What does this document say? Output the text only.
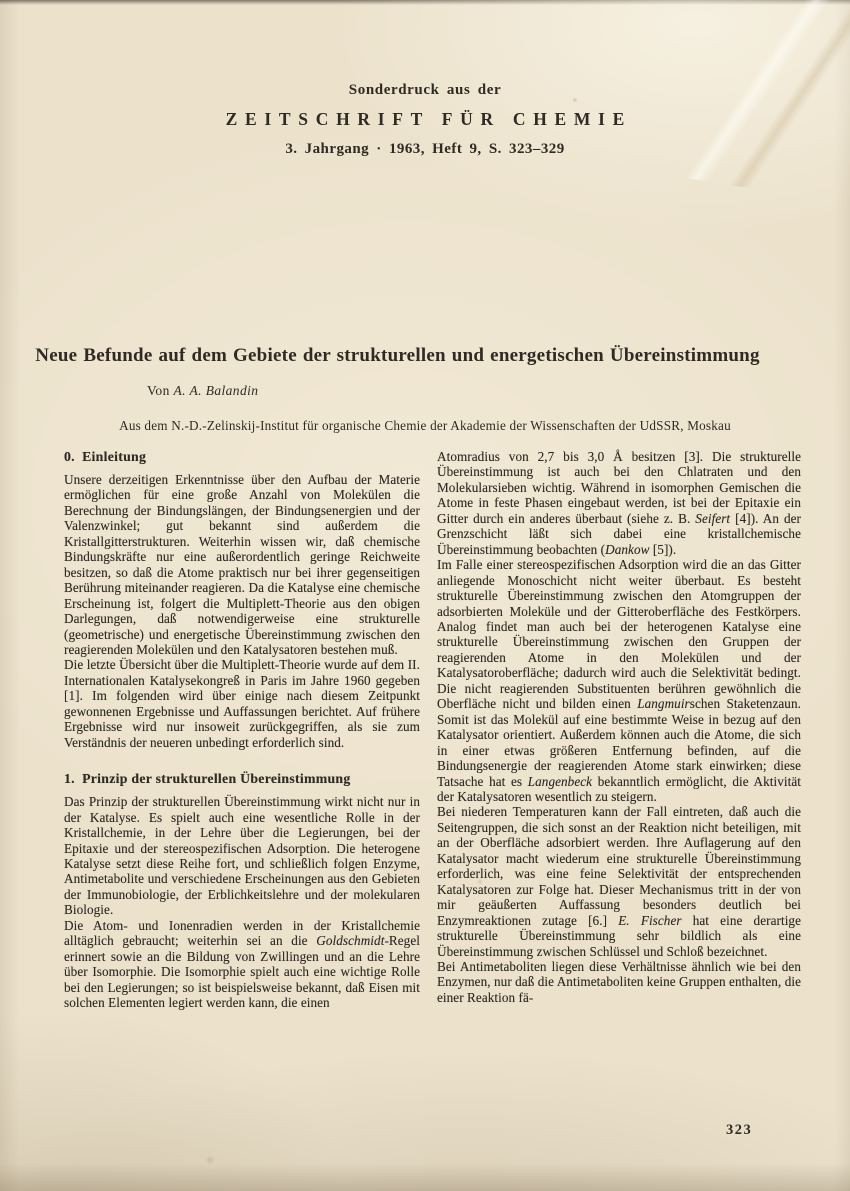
Sonderdruck aus der
ZEITSCHRIFT FÜR CHEMIE
3. Jahrgang · 1963, Heft 9, S. 323–329
Neue Befunde auf dem Gebiete der strukturellen und energetischen Übereinstimmung
Von A. A. Balandin
Aus dem N.-D.-Zelinskij-Institut für organische Chemie der Akademie der Wissenschaften der UdSSR, Moskau
0. Einleitung

Unsere derzeitigen Erkenntnisse über den Aufbau der Materie ermöglichen für eine große Anzahl von Molekülen die Berechnung der Bindungslängen, der Bindungsenergien und der Valenzwinkel; gut bekannt sind außerdem die Kristallgitterstrukturen. Weiterhin wissen wir, daß chemische Bindungskräfte nur eine außerordentlich geringe Reichweite besitzen, so daß die Atome praktisch nur bei ihrer gegenseitigen Berührung miteinander reagieren. Da die Katalyse eine chemische Erscheinung ist, folgert die Multiplett-Theorie aus den obigen Darlegungen, daß notwendigerweise eine strukturelle (geometrische) und energetische Übereinstimmung zwischen den reagierenden Molekülen und den Katalysatoren bestehen muß.

Die letzte Übersicht über die Multiplett-Theorie wurde auf dem II. Internationalen Katalysekongreß in Paris im Jahre 1960 gegeben [1]. Im folgenden wird über einige nach diesem Zeitpunkt gewonnenen Ergebnisse und Auffassungen berichtet. Auf frühere Ergebnisse wird nur insoweit zurückgegriffen, als sie zum Verständnis der neueren unbedingt erforderlich sind.

1. Prinzip der strukturellen Übereinstimmung

Das Prinzip der strukturellen Übereinstimmung wirkt nicht nur in der Katalyse. Es spielt auch eine wesentliche Rolle in der Kristallchemie, in der Lehre über die Legierungen, bei der Epitaxie und der stereospezifischen Adsorption. Die heterogene Katalyse setzt diese Reihe fort, und schließlich folgen Enzyme, Antimetabolite und verschiedene Erscheinungen aus den Gebieten der Immunobiologie, der Erblichkeitslehre und der molekularen Biologie.

Die Atom- und Ionenradien werden in der Kristallchemie alltäglich gebraucht; weiterhin sei an die Goldschmidt-Regel erinnert sowie an die Bildung von Zwillingen und an die Lehre über Isomorphie. Die Isomorphie spielt auch eine wichtige Rolle bei den Legierungen; so ist beispielsweise bekannt, daß Eisen mit solchen Elementen legiert werden kann, die einen

Atomradius von 2,7 bis 3,0 Å besitzen [3]. Die strukturelle Übereinstimmung ist auch bei den Chlatraten und den Molekularsieben wichtig. Während in isomorphen Gemischen die Atome in feste Phasen eingebaut werden, ist bei der Epitaxie ein Gitter durch ein anderes überbaut (siehe z. B. Seifert [4]). An der Grenzschicht läßt sich dabei eine kristallchemische Übereinstimmung beobachten (Dankow [5]).

Im Falle einer stereospezifischen Adsorption wird die an das Gitter anliegende Monoschicht nicht weiter überbaut. Es besteht strukturelle Übereinstimmung zwischen den Atomgruppen der adsorbierten Moleküle und der Gitteroberfläche des Festkörpers. Analog findet man auch bei der heterogenen Katalyse eine strukturelle Übereinstimmung zwischen den Gruppen der reagierenden Atome in den Molekülen und der Katalysatoroberfläche; dadurch wird auch die Selektivität bedingt. Die nicht reagierenden Substituenten berühren gewöhnlich die Oberfläche nicht und bilden einen Langmuirschen Staketenzaun. Somit ist das Molekül auf eine bestimmte Weise in bezug auf den Katalysator orientiert. Außerdem können auch die Atome, die sich in einer etwas größeren Entfernung befinden, auf die Bindungsenergie der reagierenden Atome stark einwirken; diese Tatsache hat es Langenbeck bekanntlich ermöglicht, die Aktivität der Katalysatoren wesentlich zu steigern.

Bei niederen Temperaturen kann der Fall eintreten, daß auch die Seitengruppen, die sich sonst an der Reaktion nicht beteiligen, mit an der Oberfläche adsorbiert werden. Ihre Auflagerung auf den Katalysator macht wiederum eine strukturelle Übereinstimmung erforderlich, was eine feine Selektivität der entsprechenden Katalysatoren zur Folge hat. Dieser Mechanismus tritt in der von mir geäußerten Auffassung besonders deutlich bei Enzymreaktionen zutage [6.] E. Fischer hat eine derartige strukturelle Übereinstimmung sehr bildlich als eine Übereinstimmung zwischen Schlüssel und Schloß bezeichnet.

Bei Antimetaboliten liegen diese Verhältnisse ähnlich wie bei den Enzymen, nur daß die Antimetaboliten keine Gruppen enthalten, die einer Reaktion fä-

323
